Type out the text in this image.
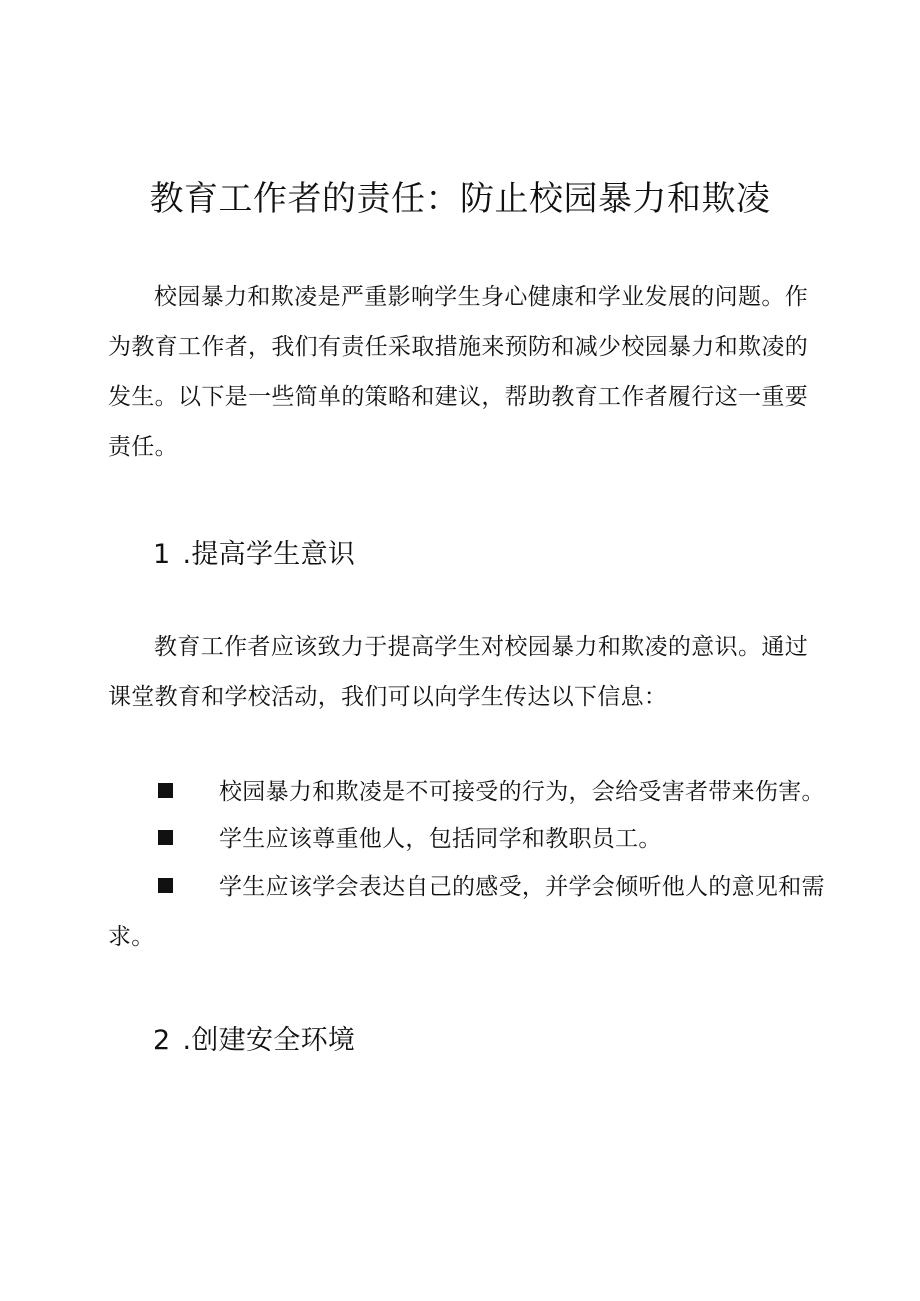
教育工作者的责任：防止校园暴力和欺凌

校园暴力和欺凌是严重影响学生身心健康和学业发展的问题。作为教育工作者，我们有责任采取措施来预防和减少校园暴力和欺凌的发生。以下是一些简单的策略和建议，帮助教育工作者履行这一重要责任。

1 .提高学生意识

教育工作者应该致力于提高学生对校园暴力和欺凌的意识。通过课堂教育和学校活动，我们可以向学生传达以下信息：

校园暴力和欺凌是不可接受的行为，会给受害者带来伤害。

学生应该尊重他人，包括同学和教职员工。

学生应该学会表达自己的感受，并学会倾听他人的意见和需求。

2 .创建安全环境
